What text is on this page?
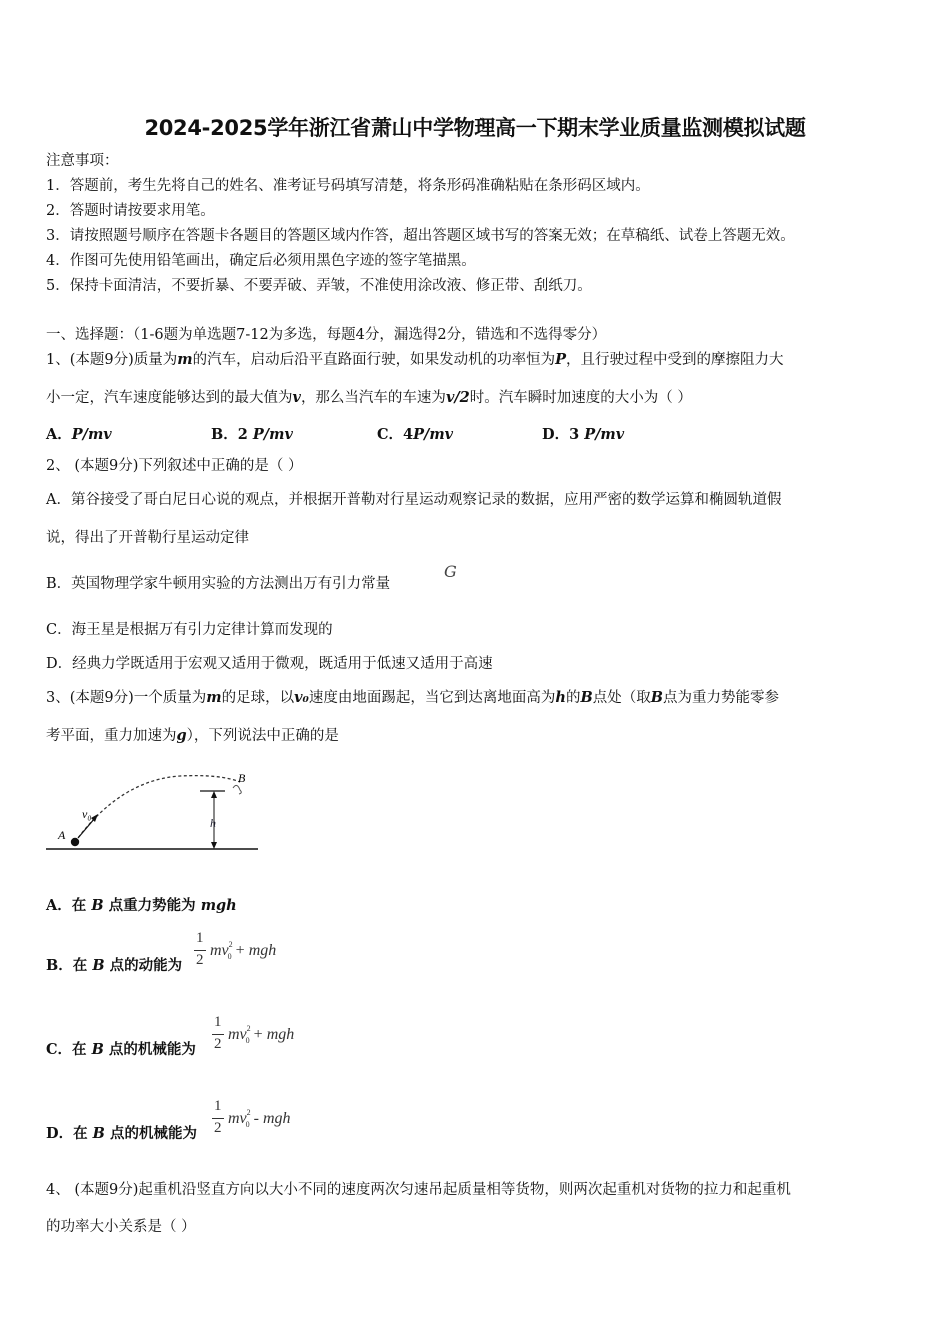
2024-2025学年浙江省萧山中学物理高一下期末学业质量监测模拟试题
注意事项：
1．答题前，考生先将自己的姓名、准考证号码填写清楚，将条形码准确粘贴在条形码区域内。
2．答题时请按要求用笔。
3．请按照题号顺序在答题卡各题目的答题区域内作答，超出答题区域书写的答案无效；在草稿纸、试卷上答题无效。
4．作图可先使用铅笔画出，确定后必须用黑色字迹的签字笔描黑。
5．保持卡面清洁，不要折暴、不要弄破、弄皱，不准使用涂改液、修正带、刮纸刀。
一、选择题：（1-6题为单选题7-12为多选，每题4分，漏选得2分，错选和不选得零分）
1、(本题9分)质量为m的汽车，启动后沿平直路面行驶，如果发动机的功率恒为P，且行驶过程中受到的摩擦阻力大
小一定，汽车速度能够达到的最大值为v，那么当汽车的车速为v/2时。汽车瞬时加速度的大小为（ ）
A．P/mv	B．2 P/mv	C．4P/mv	D．3 P/mv
2、 (本题9分)下列叙述中正确的是（ ）
A．第谷接受了哥白尼日心说的观点，并根据开普勒对行星运动观察记录的数据，应用严密的数学运算和椭圆轨道假
说，得出了开普勒行星运动定律
B．英国物理学家牛顿用实验的方法测出万有引力常量
G
C．海王星是根据万有引力定律计算而发现的
D．经典力学既适用于宏观又适用于微观，既适用于低速又适用于高速
3、(本题9分)一个质量为m的足球，以v₀速度由地面踢起，当它到达离地面高为h的B点处（取B点为重力势能零参
考平面，重力加速为g），下列说法中正确的是
A
B
v₀
h
A．在 B 点重力势能为 mgh
B．在 B 点的动能为
1
2
$mv^2_0$ + mgh
C．在 B 点的机械能为
1
2
$mv^2_0$ + mgh
D．在 B 点的机械能为
1
2
$mv^2_0$ - mgh
4、 (本题9分)起重机沿竖直方向以大小不同的速度两次匀速吊起质量相等货物，则两次起重机对货物的拉力和起重机
的功率大小关系是（ ）
